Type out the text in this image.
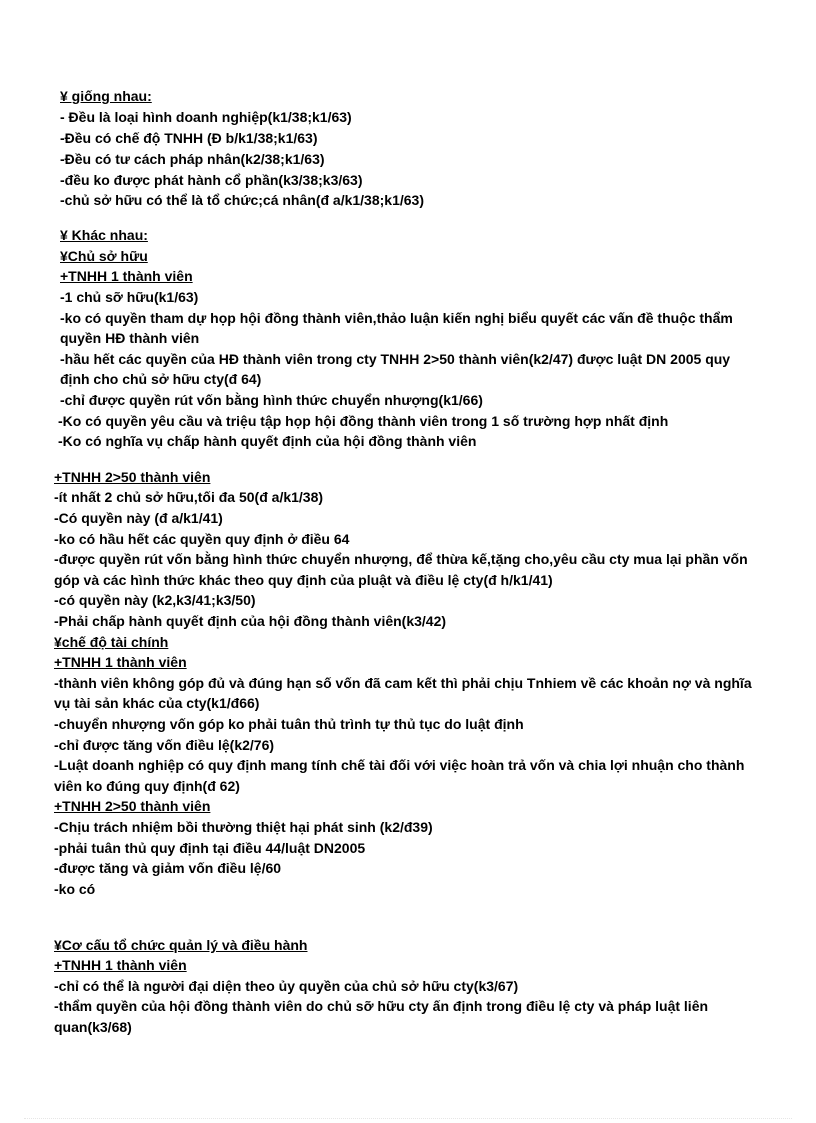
¥ giống nhau:
- Đều là loại hình doanh nghiệp(k1/38;k1/63)
-Đều có chế độ TNHH (Đ b/k1/38;k1/63)
-Đều có tư cách pháp nhân(k2/38;k1/63)
-đều ko được phát hành cổ phần(k3/38;k3/63)
-chủ sở hữu có thể là tổ chức;cá nhân(đ a/k1/38;k1/63)
¥ Khác nhau:
¥Chủ sở hữu
+TNHH 1 thành viên
-1 chủ sỡ hữu(k1/63)
-ko có quyền tham dự họp hội đồng thành viên,thảo luận kiến nghị biểu quyết các vấn đề thuộc thẩm
quyền HĐ thành viên
-hầu hết các quyền của HĐ thành viên trong cty TNHH 2>50 thành viên(k2/47) được luật DN 2005 quy
định cho chủ sở hữu cty(đ 64)
-chỉ được quyền rút vốn bằng hình thức chuyển nhượng(k1/66)
-Ko có quyền yêu cầu và triệu tập họp hội đồng thành viên trong 1 số trường hợp nhất định
-Ko có nghĩa vụ chấp hành quyết định của hội đồng thành viên
+TNHH 2>50 thành viên
-ít nhất 2 chủ sở hữu,tối đa 50(đ a/k1/38)
-Có quyền này (đ a/k1/41)
-ko có hầu hết các quyền quy định ở điều 64
-được quyền rút vốn bằng hình thức chuyển nhượng, để thừa kế,tặng cho,yêu cầu cty mua lại phần vốn
góp và các hình thức khác theo quy định của pluật và điều lệ cty(đ h/k1/41)
-có quyền này (k2,k3/41;k3/50)
-Phải chấp hành quyết định của hội đồng thành viên(k3/42)
¥chế độ tài chính
+TNHH 1 thành viên
-thành viên không góp đủ và đúng hạn số vốn đã cam kết thì phải chịu Tnhiem về các khoản nợ và nghĩa
vụ tài sản khác của cty(k1/đ66)
-chuyển nhượng vốn góp ko phải tuân thủ trình tự thủ tục do luật định
-chỉ được tăng vốn điều lệ(k2/76)
-Luật doanh nghiệp có quy định mang tính chế tài đối với việc hoàn trả vốn và chia lợi nhuận cho thành
viên ko đúng quy định(đ 62)
+TNHH 2>50 thành viên
-Chịu trách nhiệm bồi thường thiệt hại phát sinh (k2/đ39)
-phải tuân thủ quy định tại điều 44/luật DN2005
-được tăng và giảm vốn điều lệ/60
-ko có
¥Cơ cấu tổ chức quản lý và điều hành
+TNHH 1 thành viên
-chỉ có thể là người đại diện theo ủy quyền của chủ sở hữu cty(k3/67)
-thẩm quyền của hội đồng thành viên do chủ sỡ hữu cty ấn định trong điều lệ cty và pháp luật liên
quan(k3/68)
